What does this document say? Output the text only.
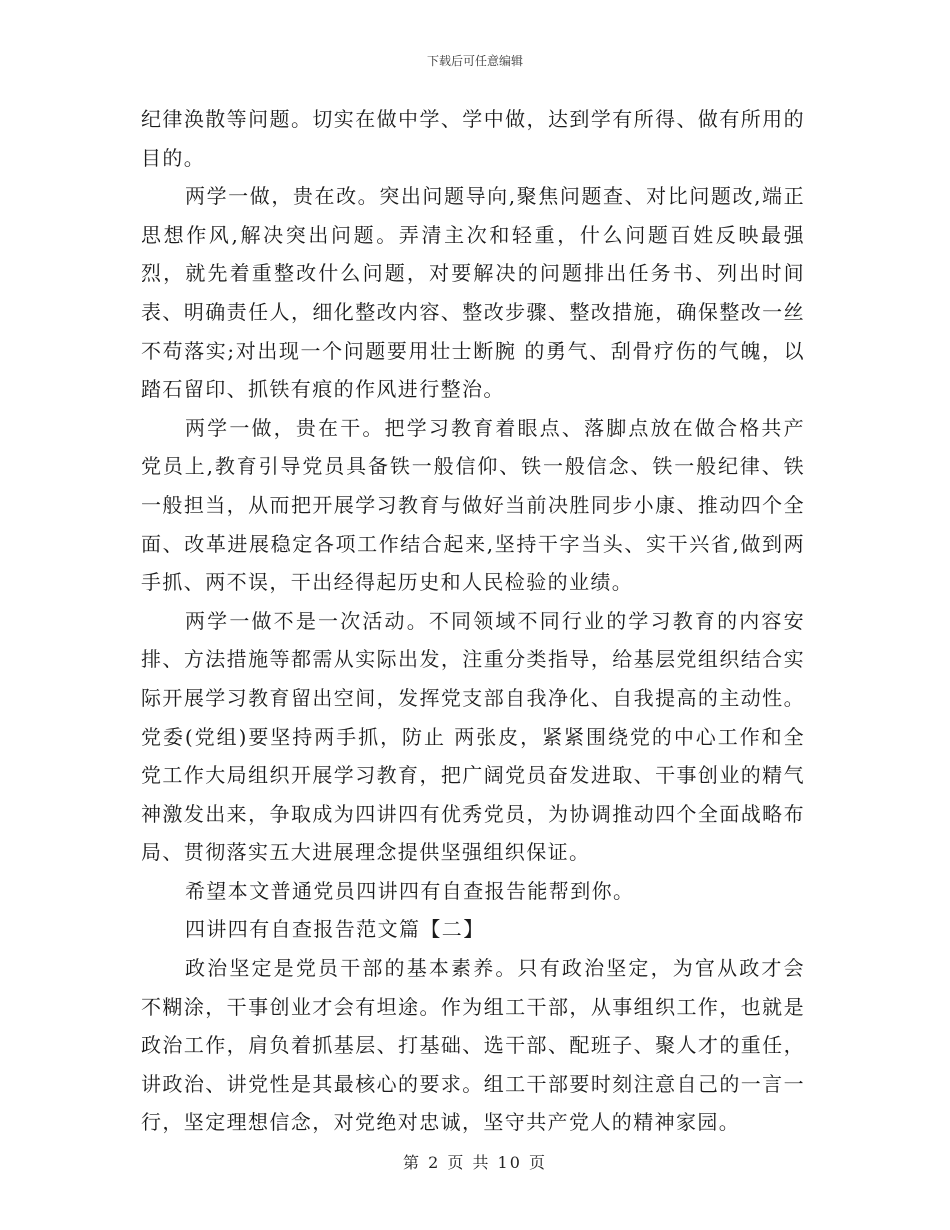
下载后可任意编辑

纪律涣散等问题。切实在做中学、学中做，达到学有所得、做有所用的目的。

两学一做，贵在改。突出问题导向,聚焦问题查、对比问题改,端正思想作风,解决突出问题。弄清主次和轻重，什么问题百姓反映最强烈，就先着重整改什么问题，对要解决的问题排出任务书、列出时间表、明确责任人，细化整改内容、整改步骤、整改措施，确保整改一丝不苟落实;对出现一个问题要用壮士断腕 的勇气、刮骨疗伤的气魄，以踏石留印、抓铁有痕的作风进行整治。

两学一做，贵在干。把学习教育着眼点、落脚点放在做合格共产党员上,教育引导党员具备铁一般信仰、铁一般信念、铁一般纪律、铁一般担当，从而把开展学习教育与做好当前决胜同步小康、推动四个全面、改革进展稳定各项工作结合起来,坚持干字当头、实干兴省,做到两手抓、两不误，干出经得起历史和人民检验的业绩。

两学一做不是一次活动。不同领域不同行业的学习教育的内容安排、方法措施等都需从实际出发，注重分类指导，给基层党组织结合实际开展学习教育留出空间，发挥党支部自我净化、自我提高的主动性。党委(党组)要坚持两手抓，防止 两张皮，紧紧围绕党的中心工作和全党工作大局组织开展学习教育，把广阔党员奋发进取、干事创业的精气神激发出来，争取成为四讲四有优秀党员，为协调推动四个全面战略布局、贯彻落实五大进展理念提供坚强组织保证。

希望本文普通党员四讲四有自查报告能帮到你。

四讲四有自查报告范文篇【二】

政治坚定是党员干部的基本素养。只有政治坚定，为官从政才会不糊涂，干事创业才会有坦途。作为组工干部，从事组织工作，也就是政治工作，肩负着抓基层、打基础、选干部、配班子、聚人才的重任，讲政治、讲党性是其最核心的要求。组工干部要时刻注意自己的一言一行，坚定理想信念，对党绝对忠诚，坚守共产党人的精神家园。

第 2 页 共 10 页
